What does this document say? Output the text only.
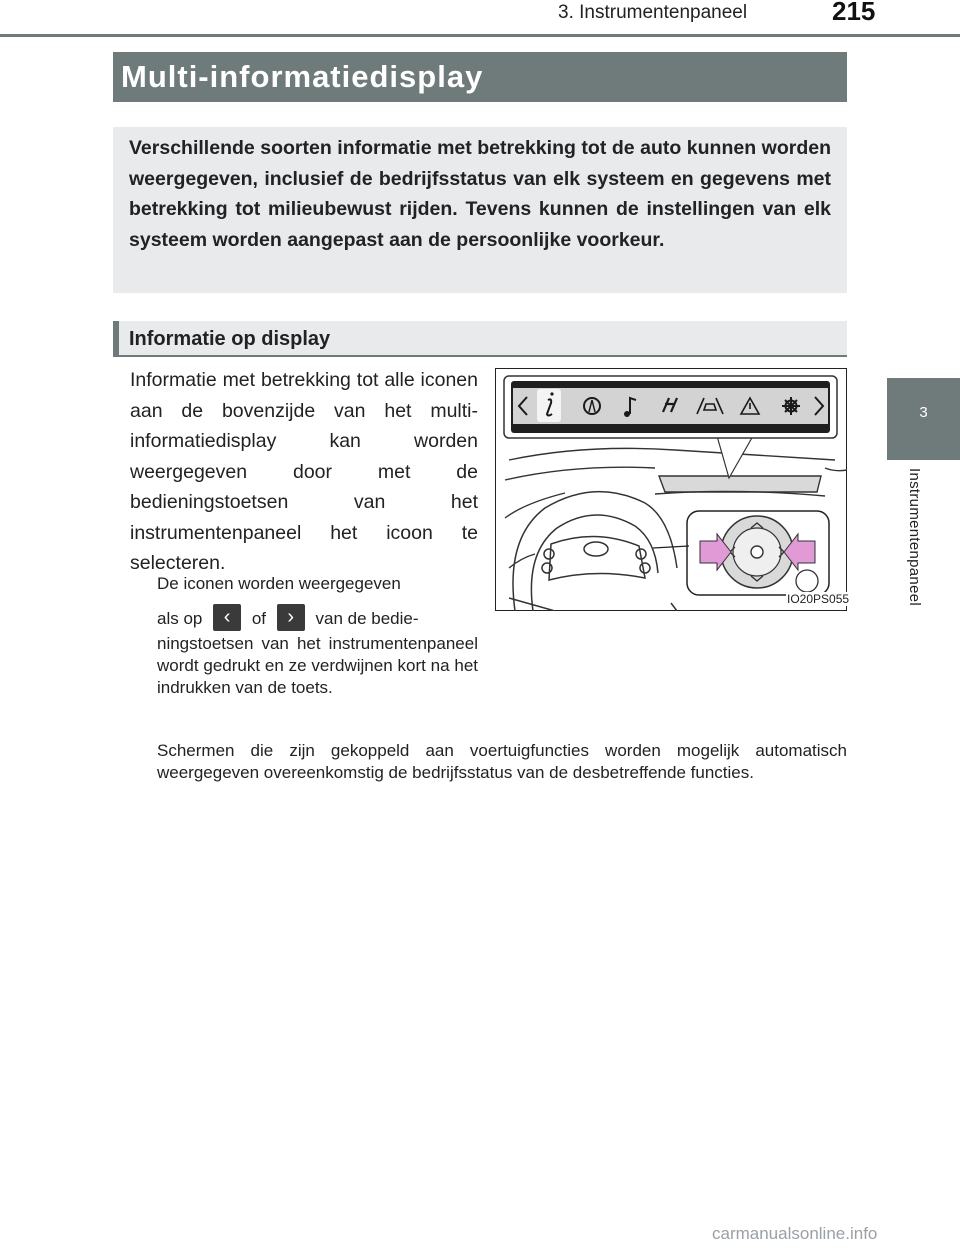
3. Instrumentenpaneel	215
3
Instrumentenpaneel
Multi-informatiedisplay

Verschillende soorten informatie met betrekking tot de auto kunnen worden weergegeven, inclusief de bedrijfsstatus van elk systeem en gegevens met betrekking tot milieubewust rijden. Tevens kunnen de instellingen van elk systeem worden aangepast aan de persoonlijke voorkeur.

Informatie op display

Informatie met betrekking tot alle iconen aan de bovenzijde van het multi-informatiedisplay kan worden weergegeven door met de bedieningstoetsen van het instrumentenpaneel het icoon te selecteren.

De iconen worden weergegeven
als op ‹ of › van de bedie-
ningstoetsen van het instrumentenpaneel wordt gedrukt en ze verdwijnen kort na het indrukken van de toets.

Schermen die zijn gekoppeld aan voertuigfuncties worden mogelijk automatisch weergegeven overeenkomstig de bedrijfsstatus van de desbetreffende functies.

IO20PS055
carmanualsonline.info
